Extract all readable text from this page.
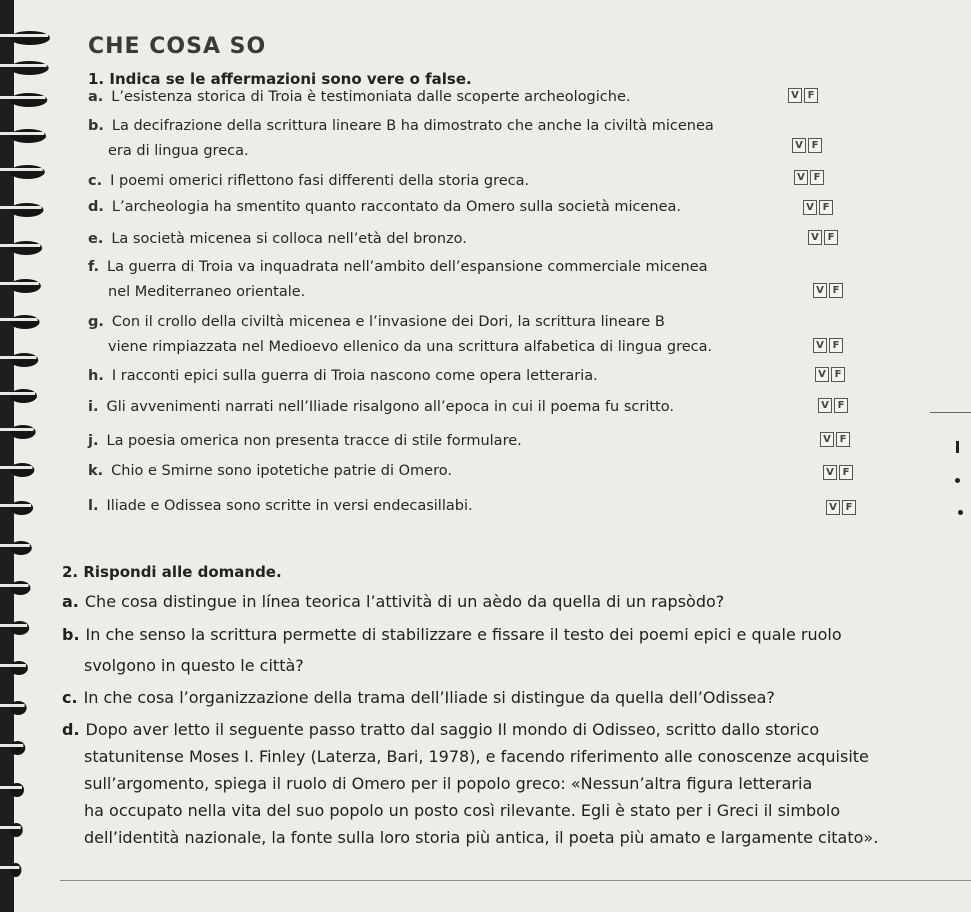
CHE COSA SO
1. Indica se le affermazioni sono vere o false.
a. L’esistenza storica di Troia è testimoniata dalle scoperte archeologiche.	V F
b. La decifrazione della scrittura lineare B ha dimostrato che anche la civiltà micenea
era di lingua greca.	V F
c. I poemi omerici riflettono fasi differenti della storia greca.	V F
d. L’archeologia ha smentito quanto raccontato da Omero sulla società micenea.	V F
e. La società micenea si colloca nell’età del bronzo.	V F
f. La guerra di Troia va inquadrata nell’ambito dell’espansione commerciale micenea
nel Mediterraneo orientale.	V F
g. Con il crollo della civiltà micenea e l’invasione dei Dori, la scrittura lineare B
viene rimpiazzata nel Medioevo ellenico da una scrittura alfabetica di lingua greca.	V F
h. I racconti epici sulla guerra di Troia nascono come opera letteraria.	V F
i. Gli avvenimenti narrati nell’Iliade risalgono all’epoca in cui il poema fu scritto.	V F
j. La poesia omerica non presenta tracce di stile formulare.	V F
k. Chio e Smirne sono ipotetiche patrie di Omero.	V F
l. Iliade e Odissea sono scritte in versi endecasillabi.	V F
2. Rispondi alle domande.
a. Che cosa distingue in línea teorica l’attività di un aèdo da quella di un rapsòdo?
b. In che senso la scrittura permette di stabilizzare e fissare il testo dei poemi epici e quale ruolo
svolgono in questo le città?
c. In che cosa l’organizzazione della trama dell’Iliade si distingue da quella dell’Odissea?
d. Dopo aver letto il seguente passo tratto dal saggio Il mondo di Odisseo, scritto dallo storico
statunitense Moses I. Finley (Laterza, Bari, 1978), e facendo riferimento alle conoscenze acquisite
sull’argomento, spiega il ruolo di Omero per il popolo greco: «Nessun’altra figura letteraria
ha occupato nella vita del suo popolo un posto così rilevante. Egli è stato per i Greci il simbolo
dell’identità nazionale, la fonte sulla loro storia più antica, il poeta più amato e largamente citato».
